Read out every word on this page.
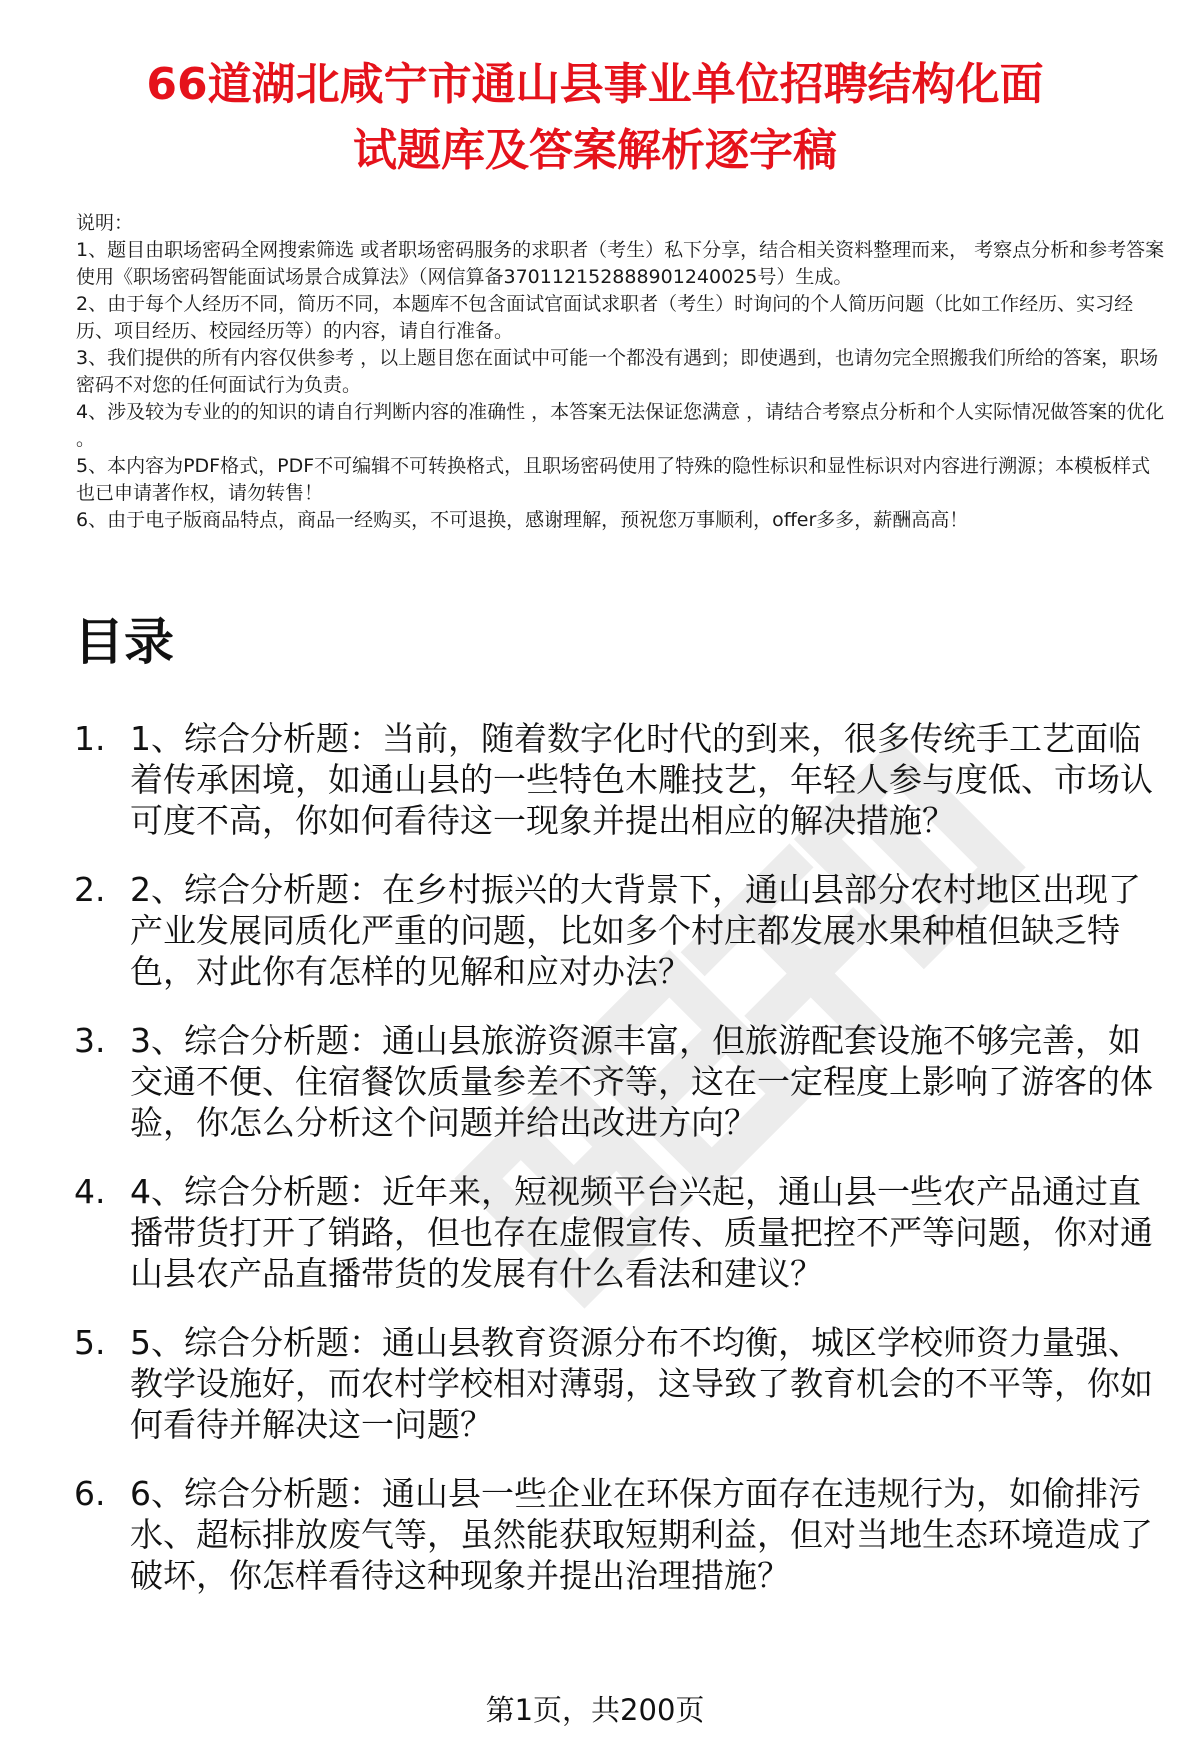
66道湖北咸宁市通山县事业单位招聘结构化面
试题库及答案解析逐字稿

说明：

1、题目由职场密码全网搜索筛选 或者职场密码服务的求职者（考生）私下分享，结合相关资料整理而来， 考察点分析和参考答案使用《职场密码智能面试场景合成算法》（网信算备370112152888901240025号）生成。

2、由于每个人经历不同，简历不同，本题库不包含面试官面试求职者（考生）时询问的个人简历问题（比如工作经历、实习经历、项目经历、校园经历等）的内容，请自行准备。

3、我们提供的所有内容仅供参考 ，以上题目您在面试中可能一个都没有遇到；即使遇到，也请勿完全照搬我们所给的答案，职场密码不对您的任何面试行为负责。

4、涉及较为专业的的知识的请自行判断内容的准确性 ，本答案无法保证您满意 ，请结合考察点分析和个人实际情况做答案的优化 。

5、本内容为PDF格式，PDF不可编辑不可转换格式，且职场密码使用了特殊的隐性标识和显性标识对内容进行溯源；本模板样式也已申请著作权，请勿转售！

6、由于电子版商品特点，商品一经购买，不可退换，感谢理解，预祝您万事顺利，offer多多，薪酬高高！

目录
1. 1、综合分析题：当前，随着数字化时代的到来，很多传统手工艺面临着传承困境，如通山县的一些特色木雕技艺，年轻人参与度低、市场认可度不高，你如何看待这一现象并提出相应的解决措施？
2. 2、综合分析题：在乡村振兴的大背景下，通山县部分农村地区出现了产业发展同质化严重的问题，比如多个村庄都发展水果种植但缺乏特色，对此你有怎样的见解和应对办法？
3. 3、综合分析题：通山县旅游资源丰富，但旅游配套设施不够完善，如交通不便、住宿餐饮质量参差不齐等，这在一定程度上影响了游客的体验，你怎么分析这个问题并给出改进方向？
4. 4、综合分析题：近年来，短视频平台兴起，通山县一些农产品通过直播带货打开了销路，但也存在虚假宣传、质量把控不严等问题，你对通山县农产品直播带货的发展有什么看法和建议？
5. 5、综合分析题：通山县教育资源分布不均衡，城区学校师资力量强、教学设施好，而农村学校相对薄弱，这导致了教育机会的不平等，你如何看待并解决这一问题？
6. 6、综合分析题：通山县一些企业在环保方面存在违规行为，如偷排污水、超标排放废气等，虽然能获取短期利益，但对当地生态环境造成了破坏，你怎样看待这种现象并提出治理措施？
第1页，共200页
